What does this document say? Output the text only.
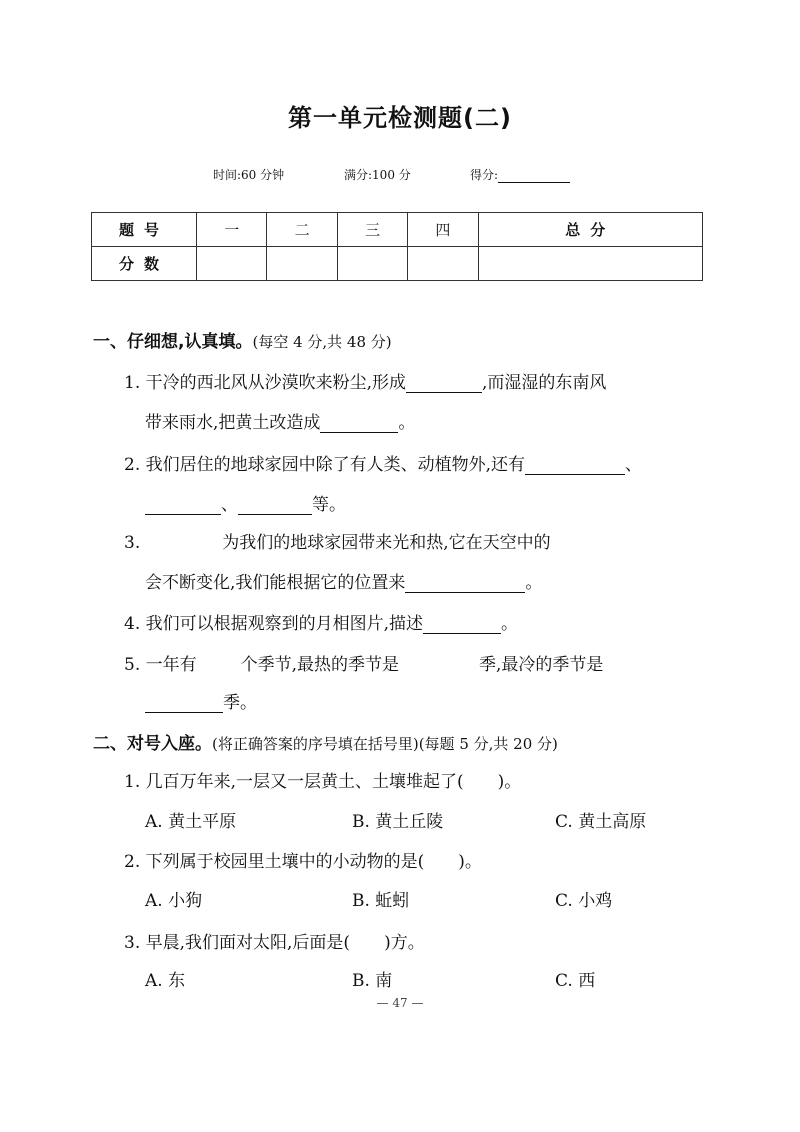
第一单元检测题(二)
时间:60 分钟	满分:100 分	得分:
题号	一	二	三	四	总分
分数					
一、仔细想,认真填。(每空 4 分,共 48 分)
1. 干冷的西北风从沙漠吹来粉尘,形成	,而湿湿的东南风
带来雨水,把黄土改造成	。
2. 我们居住的地球家园中除了有人类、动植物外,还有	、
、	等。
3.	为我们的地球家园带来光和热,它在天空中的
会不断变化,我们能根据它的位置来	。
4. 我们可以根据观察到的月相图片,描述	。
5. 一年有	个季节,最热的季节是	季,最冷的季节是
季。
二、对号入座。(将正确答案的序号填在括号里)(每题 5 分,共 20 分)
1. 几百万年来,一层又一层黄土、土壤堆起了(　　)。
A. 黄土平原	B. 黄土丘陵	C. 黄土高原
2. 下列属于校园里土壤中的小动物的是(　　)。
A. 小狗	B. 蚯蚓	C. 小鸡
3. 早晨,我们面对太阳,后面是(　　)方。
A. 东	B. 南	C. 西
— 47 —
